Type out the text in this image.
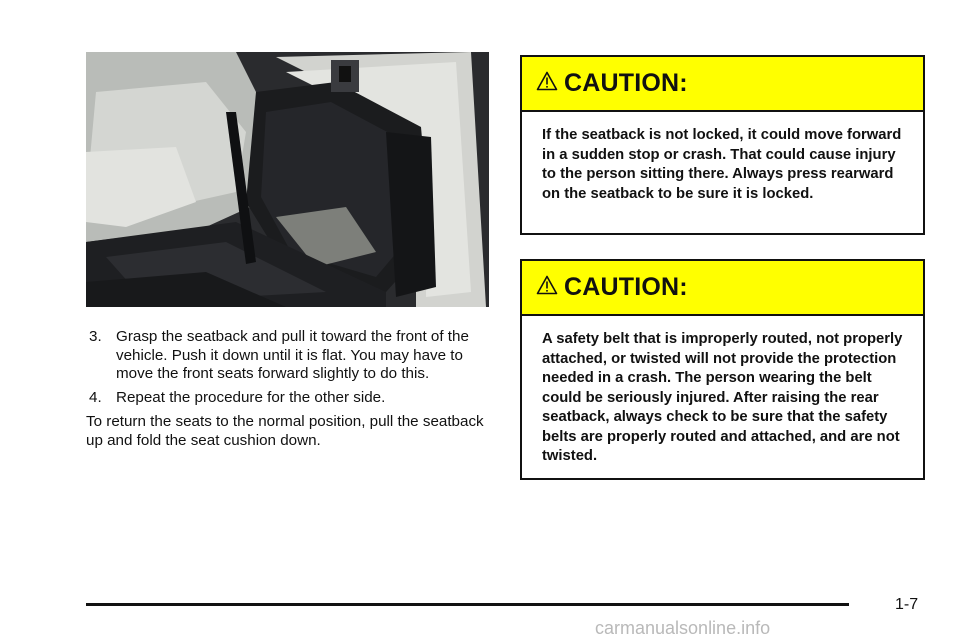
3. Grasp the seatback and pull it toward the front of the vehicle. Push it down until it is flat. You may have to move the front seats forward slightly to do this.
4. Repeat the procedure for the other side.
To return the seats to the normal position, pull the seatback up and fold the seat cushion down.
CAUTION:
If the seatback is not locked, it could move forward in a sudden stop or crash. That could cause injury to the person sitting there. Always press rearward on the seatback to be sure it is locked.
CAUTION:
A safety belt that is improperly routed, not properly attached, or twisted will not provide the protection needed in a crash. The person wearing the belt could be seriously injured. After raising the rear seatback, always check to be sure that the safety belts are properly routed and attached, and are not twisted.
1-7
carmanualsonline.info
